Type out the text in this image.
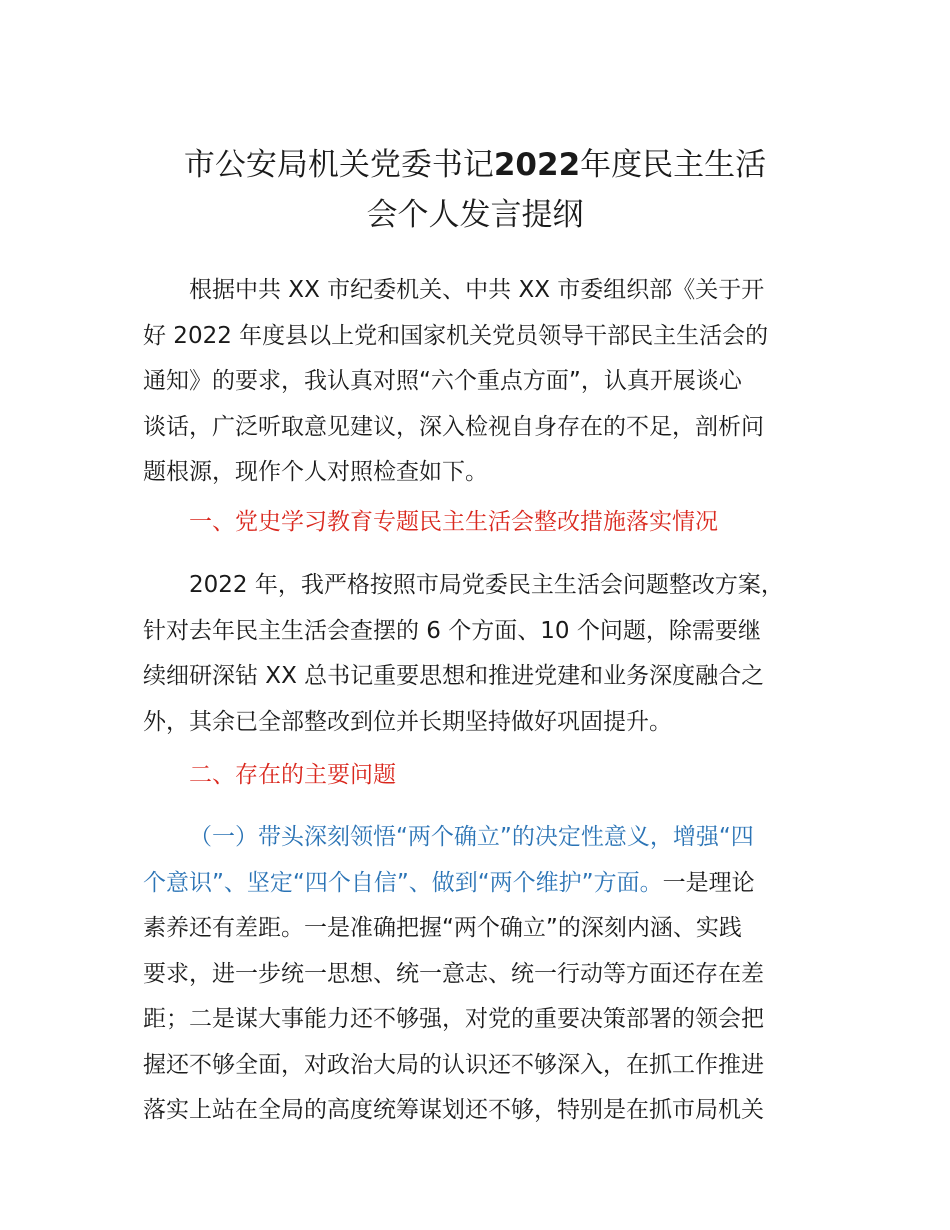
市公安局机关党委书记2022年度民主生活
会个人发言提纲
根据中共 XX 市纪委机关、中共 XX 市委组织部《关于开
好 2022 年度县以上党和国家机关党员领导干部民主生活会的
通知》的要求，我认真对照“六个重点方面”，认真开展谈心
谈话，广泛听取意见建议，深入检视自身存在的不足，剖析问
题根源，现作个人对照检查如下。
一、党史学习教育专题民主生活会整改措施落实情况
2022 年，我严格按照市局党委民主生活会问题整改方案，
针对去年民主生活会查摆的 6 个方面、10 个问题，除需要继
续细研深钻 XX 总书记重要思想和推进党建和业务深度融合之
外，其余已全部整改到位并长期坚持做好巩固提升。
二、存在的主要问题
（一）带头深刻领悟“两个确立”的决定性意义，增强“四
个意识”、坚定“四个自信”、做到“两个维护”方面。一是理论
素养还有差距。一是准确把握“两个确立”的深刻内涵、实践
要求，进一步统一思想、统一意志、统一行动等方面还存在差
距；二是谋大事能力还不够强，对党的重要决策部署的领会把
握还不够全面，对政治大局的认识还不够深入，在抓工作推进
落实上站在全局的高度统筹谋划还不够，特别是在抓市局机关
